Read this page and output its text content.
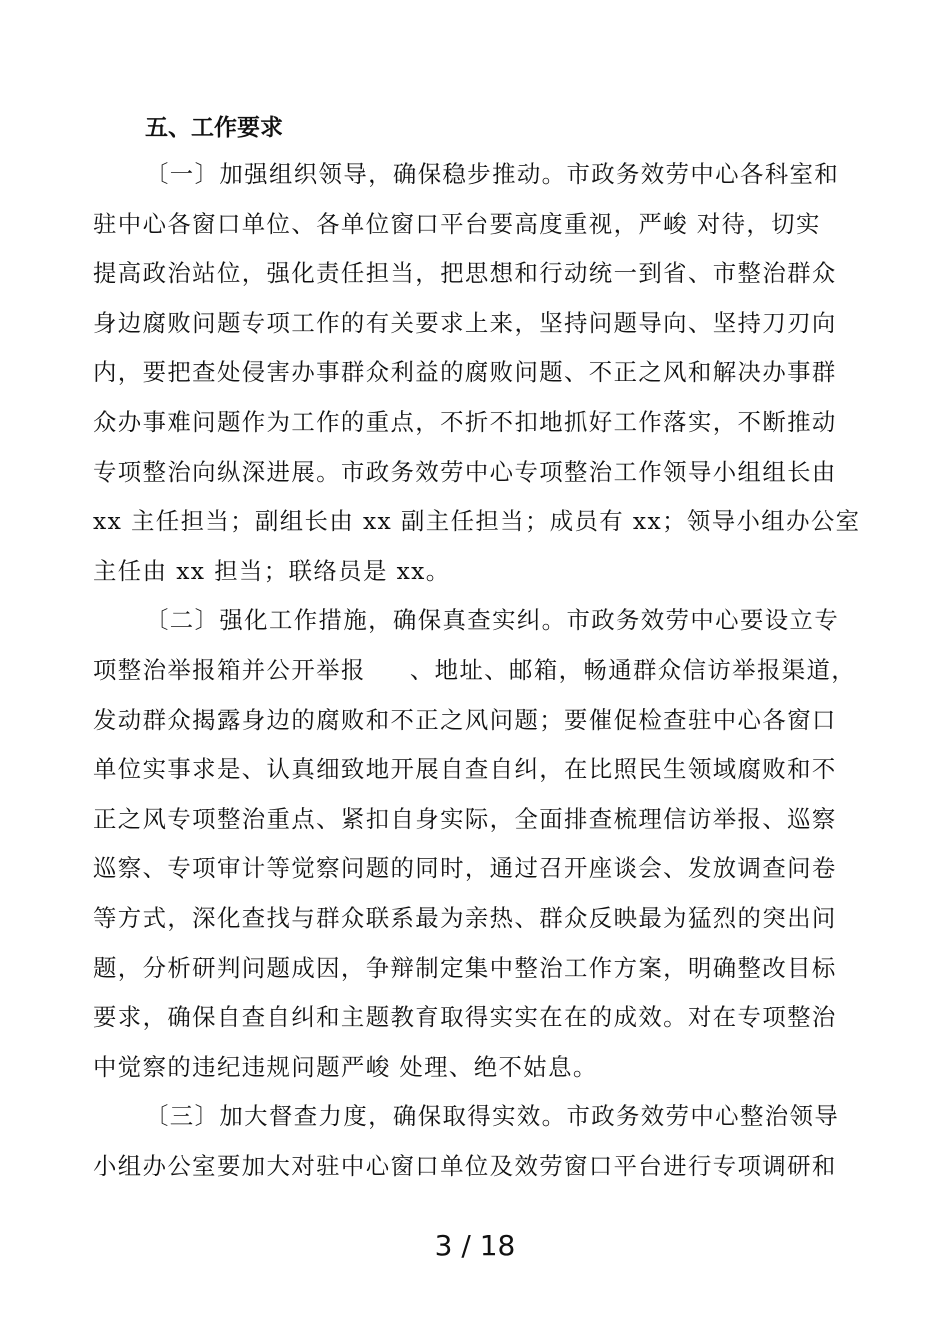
五、工作要求
〔一〕加强组织领导，确保稳步推动。市政务效劳中心各科室和
驻中心各窗口单位、各单位窗口平台要高度重视，严峻 对待，切实
提高政治站位，强化责任担当，把思想和行动统一到省、市整治群众
身边腐败问题专项工作的有关要求上来，坚持问题导向、坚持刀刃向
内，要把查处侵害办事群众利益的腐败问题、不正之风和解决办事群
众办事难问题作为工作的重点，不折不扣地抓好工作落实，不断推动
专项整治向纵深进展。市政务效劳中心专项整治工作领导小组组长由
xx 主任担当；副组长由 xx 副主任担当；成员有 xx；领导小组办公室
主任由 xx 担当；联络员是 xx。
〔二〕强化工作措施，确保真查实纠。市政务效劳中心要设立专
项整治举报箱并公开举报     、地址、邮箱，畅通群众信访举报渠道，
发动群众揭露身边的腐败和不正之风问题；要催促检查驻中心各窗口
单位实事求是、认真细致地开展自查自纠，在比照民生领域腐败和不
正之风专项整治重点、紧扣自身实际，全面排查梳理信访举报、巡察
巡察、专项审计等觉察问题的同时，通过召开座谈会、发放调查问卷
等方式，深化查找与群众联系最为亲热、群众反映最为猛烈的突出问
题，分析研判问题成因，争辩制定集中整治工作方案，明确整改目标
要求，确保自查自纠和主题教育取得实实在在的成效。对在专项整治
中觉察的违纪违规问题严峻 处理、绝不姑息。
〔三〕加大督查力度，确保取得实效。市政务效劳中心整治领导
小组办公室要加大对驻中心窗口单位及效劳窗口平台进行专项调研和
3 / 18
